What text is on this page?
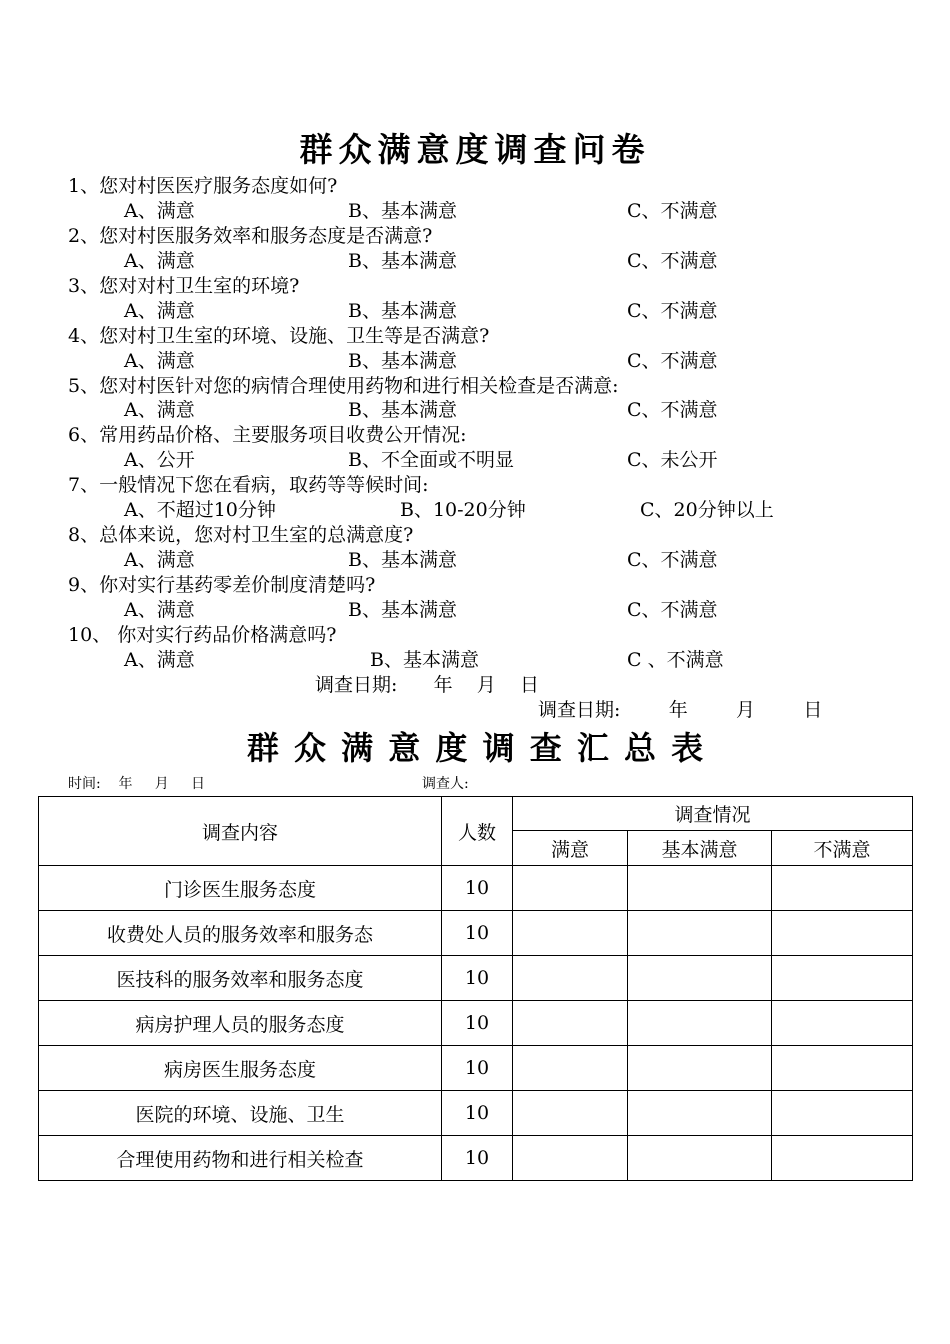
群众满意度调查问卷
1、您对村医医疗服务态度如何?
A、满意	B、基本满意	C、不满意
2、您对村医服务效率和服务态度是否满意?
A、满意	B、基本满意	C、不满意
3、您对对村卫生室的环境?
A、满意	B、基本满意	C、不满意
4、您对村卫生室的环境、设施、卫生等是否满意?
A、满意	B、基本满意	C、不满意
5、您对村医针对您的病情合理使用药物和进行相关检查是否满意:
A、满意	B、基本满意	C、不满意
6、常用药品价格、主要服务项目收费公开情况:
A、公开	B、不全面或不明显	C、未公开
7、一般情况下您在看病，取药等等候时间:
A、不超过10分钟	B、10-20分钟	C、20分钟以上
8、总体来说，您对村卫生室的总满意度?
A、满意	B、基本满意	C、不满意
9、你对实行基药零差价制度清楚吗?
A、满意	B、基本满意	C、不满意
10、 你对实行药品价格满意吗?
A、满意	B、基本满意	C 、不满意
调查日期:      年    月    日
调查日期:        年        月        日
群 众 满 意 度 调 查 汇 总 表
时间:    年     月     日	调查人:
调查内容	人数	调查情况		
		满意	基本满意	不满意
门诊医生服务态度	10			
收费处人员的服务效率和服务态	10			
医技科的服务效率和服务态度	10			
病房护理人员的服务态度	10			
病房医生服务态度	10			
医院的环境、设施、卫生	10			
合理使用药物和进行相关检查	10			
